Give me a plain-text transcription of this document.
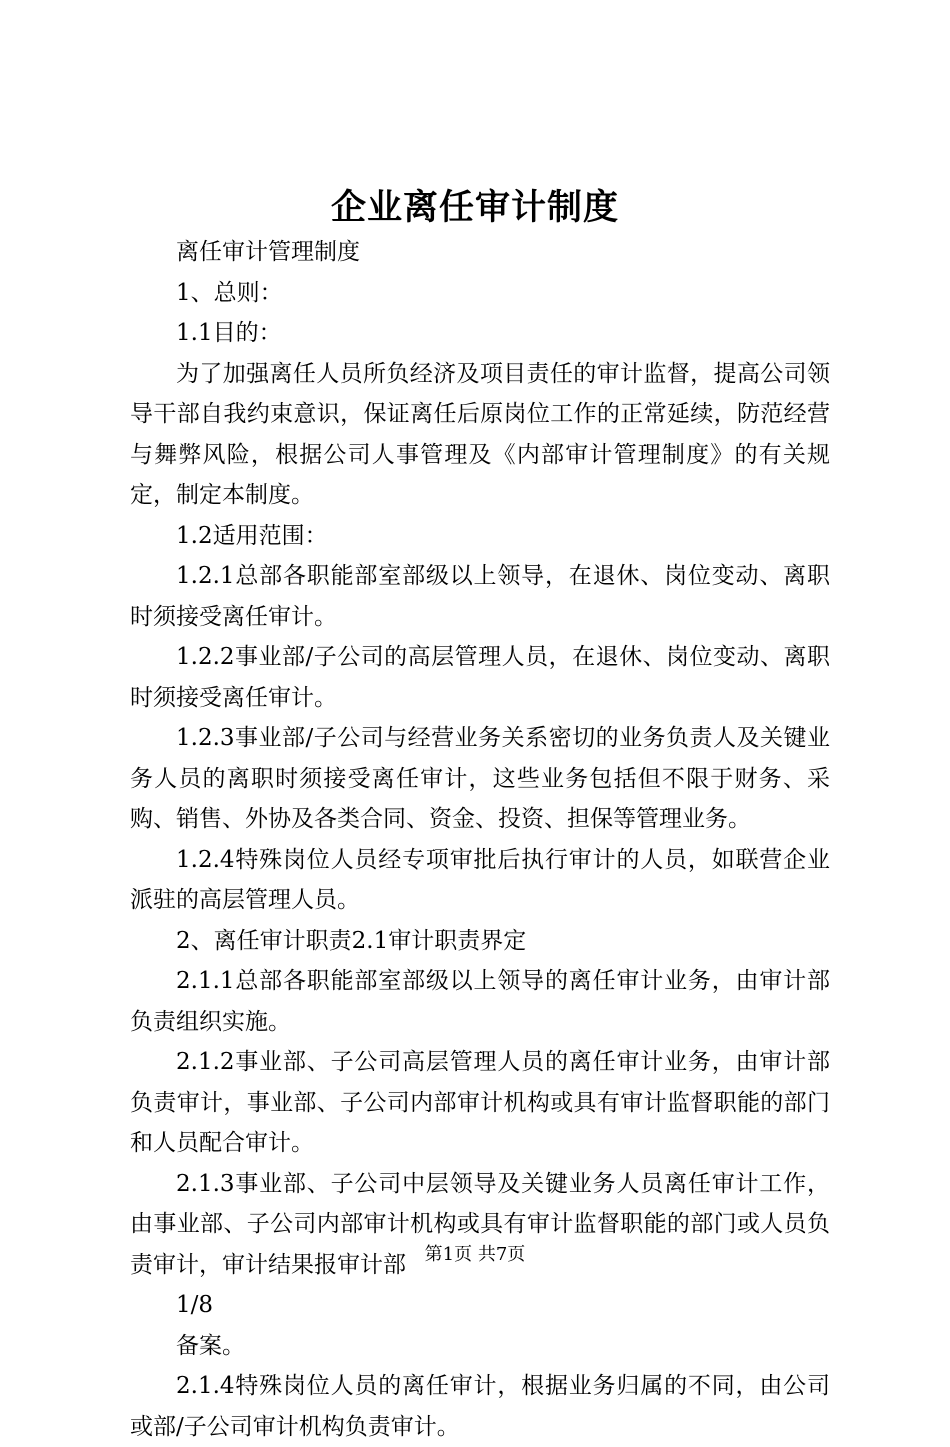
企业离任审计制度

离任审计管理制度

1、总则：

1.1目的：

为了加强离任人员所负经济及项目责任的审计监督，提高公司领导干部自我约束意识，保证离任后原岗位工作的正常延续，防范经营与舞弊风险，根据公司人事管理及《内部审计管理制度》的有关规定，制定本制度。

1.2适用范围：

1.2.1总部各职能部室部级以上领导，在退休、岗位变动、离职时须接受离任审计。

1.2.2事业部/子公司的高层管理人员，在退休、岗位变动、离职时须接受离任审计。

1.2.3事业部/子公司与经营业务关系密切的业务负责人及关键业务人员的离职时须接受离任审计，这些业务包括但不限于财务、采购、销售、外协及各类合同、资金、投资、担保等管理业务。

1.2.4特殊岗位人员经专项审批后执行审计的人员，如联营企业派驻的高层管理人员。

2、离任审计职责2.1审计职责界定

2.1.1总部各职能部室部级以上领导的离任审计业务，由审计部负责组织实施。

2.1.2事业部、子公司高层管理人员的离任审计业务，由审计部负责审计，事业部、子公司内部审计机构或具有审计监督职能的部门和人员配合审计。

2.1.3事业部、子公司中层领导及关键业务人员离任审计工作，由事业部、子公司内部审计机构或具有审计监督职能的部门或人员负责审计，审计结果报审计部

1/8

备案。

2.1.4特殊岗位人员的离任审计，根据业务归属的不同，由公司或部/子公司审计机构负责审计。

第1页 共7页
